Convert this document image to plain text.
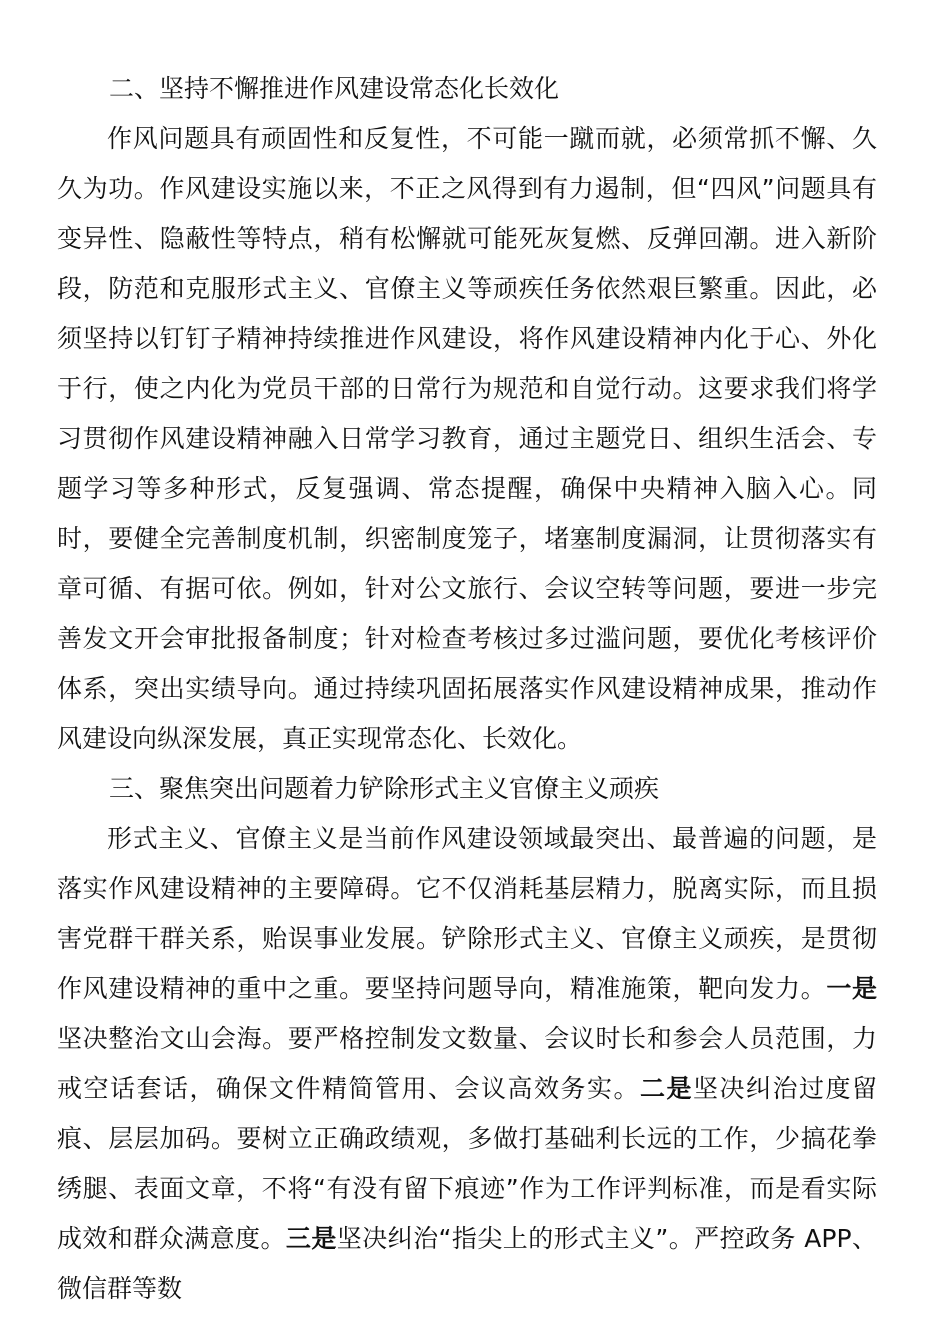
二、坚持不懈推进作风建设常态化长效化

作风问题具有顽固性和反复性，不可能一蹴而就，必须常抓不懈、久久为功。作风建设实施以来，不正之风得到有力遏制，但“四风”问题具有变异性、隐蔽性等特点，稍有松懈就可能死灰复燃、反弹回潮。进入新阶段，防范和克服形式主义、官僚主义等顽疾任务依然艰巨繁重。因此，必须坚持以钉钉子精神持续推进作风建设，将作风建设精神内化于心、外化于行，使之内化为党员干部的日常行为规范和自觉行动。这要求我们将学习贯彻作风建设精神融入日常学习教育，通过主题党日、组织生活会、专题学习等多种形式，反复强调、常态提醒，确保中央精神入脑入心。同时，要健全完善制度机制，织密制度笼子，堵塞制度漏洞，让贯彻落实有章可循、有据可依。例如，针对公文旅行、会议空转等问题，要进一步完善发文开会审批报备制度；针对检查考核过多过滥问题，要优化考核评价体系，突出实绩导向。通过持续巩固拓展落实作风建设精神成果，推动作风建设向纵深发展，真正实现常态化、长效化。

三、聚焦突出问题着力铲除形式主义官僚主义顽疾

形式主义、官僚主义是当前作风建设领域最突出、最普遍的问题，是落实作风建设精神的主要障碍。它不仅消耗基层精力，脱离实际，而且损害党群干群关系，贻误事业发展。铲除形式主义、官僚主义顽疾，是贯彻作风建设精神的重中之重。要坚持问题导向，精准施策，靶向发力。一是坚决整治文山会海。要严格控制发文数量、会议时长和参会人员范围，力戒空话套话，确保文件精简管用、会议高效务实。二是坚决纠治过度留痕、层层加码。要树立正确政绩观，多做打基础利长远的工作，少搞花拳绣腿、表面文章，不将“有没有留下痕迹”作为工作评判标准，而是看实际成效和群众满意度。三是坚决纠治“指尖上的形式主义”。严控政务 APP、微信群等数
